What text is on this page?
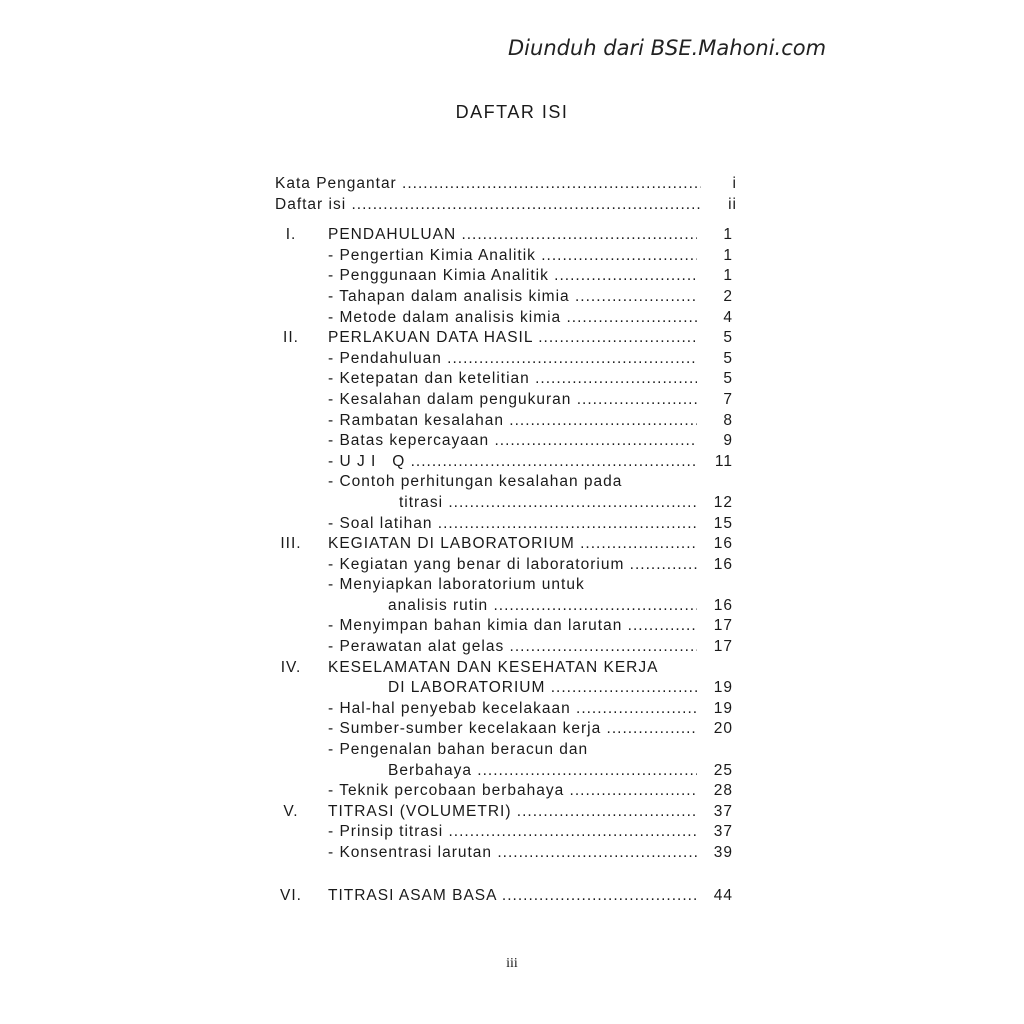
Diunduh dari BSE.Mahoni.com
DAFTAR ISI
Kata Pengantar .....	i
Daftar isi .....	ii
I.	PENDAHULUAN .....	1
- Pengertian Kimia Analitik .....	1
- Penggunaan Kimia Analitik .....	1
- Tahapan dalam analisis kimia .....	2
- Metode dalam analisis kimia .....	4
II.	PERLAKUAN DATA HASIL .....	5
- Pendahuluan .....	5
- Ketepatan dan ketelitian .....	5
- Kesalahan dalam pengukuran .....	7
- Rambatan kesalahan .....	8
- Batas kepercayaan .....	9
- U J I   Q .....	11
- Contoh perhitungan kesalahan pada
titrasi .....	12
- Soal latihan .....	15
III. KEGIATAN DI LABORATORIUM .....	16
- Kegiatan yang benar di laboratorium .....	16
- Menyiapkan laboratorium untuk
analisis rutin .....	16
- Menyimpan bahan kimia dan larutan .....	17
- Perawatan alat gelas .....	17
IV. KESELAMATAN DAN KESEHATAN KERJA
DI LABORATORIUM .....	19
- Hal-hal penyebab kecelakaan .....	19
- Sumber-sumber kecelakaan kerja .....	20
- Pengenalan bahan beracun dan
Berbahaya .....	25
- Teknik percobaan berbahaya .....	28
V.	TITRASI (VOLUMETRI) .....	37
- Prinsip titrasi .....	37
- Konsentrasi larutan .....	39
VI. TITRASI ASAM BASA .....	44
iii
